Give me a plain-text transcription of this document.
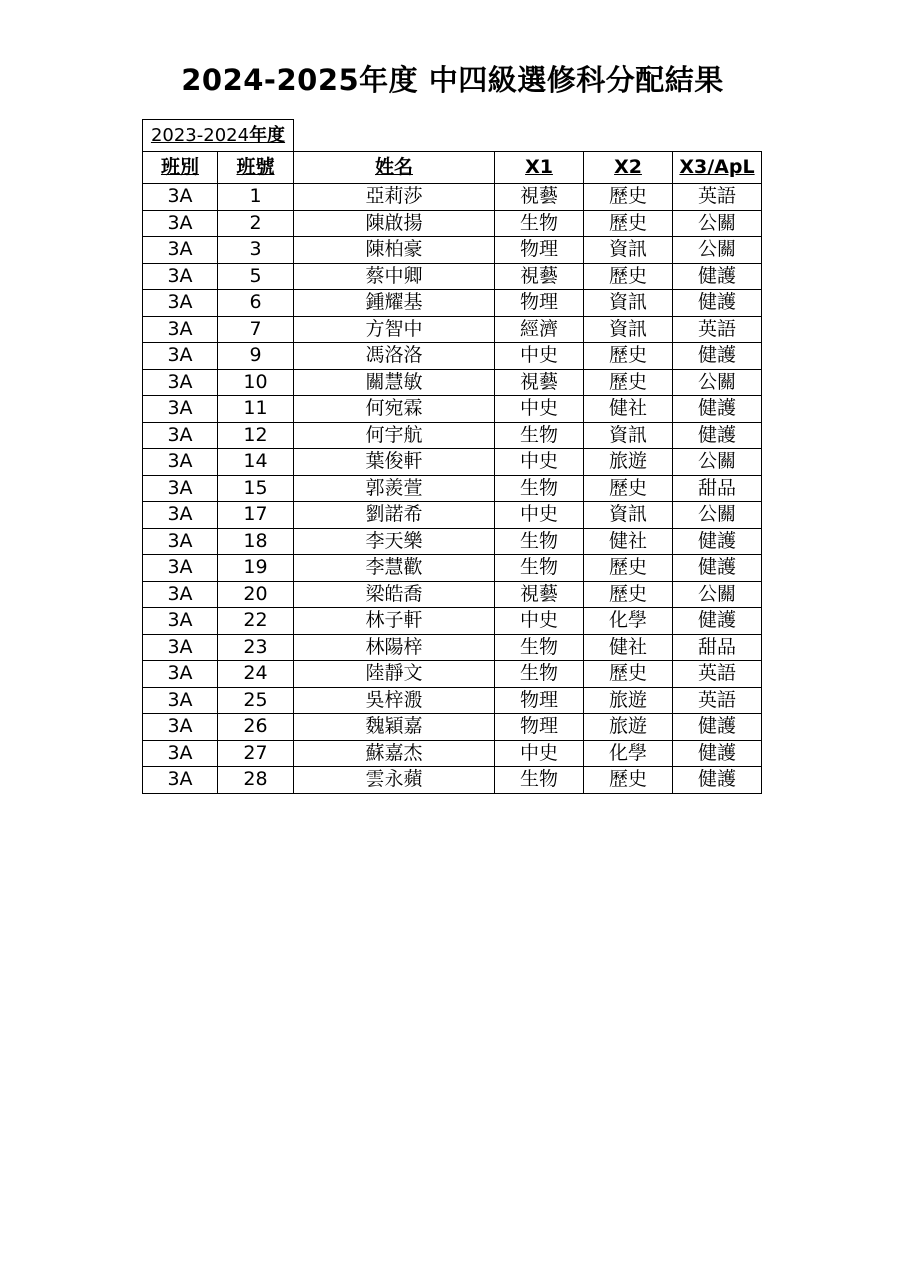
2024-2025年度 中四級選修科分配結果
2023-2024年度
班別	班號	姓名	X1	X2	X3/ApL
3A	1	亞莉莎	視藝	歷史	英語
3A	2	陳啟揚	生物	歷史	公關
3A	3	陳柏豪	物理	資訊	公關
3A	5	蔡中卿	視藝	歷史	健護
3A	6	鍾耀基	物理	資訊	健護
3A	7	方智中	經濟	資訊	英語
3A	9	馮洛洛	中史	歷史	健護
3A	10	關慧敏	視藝	歷史	公關
3A	11	何宛霖	中史	健社	健護
3A	12	何宇航	生物	資訊	健護
3A	14	葉俊軒	中史	旅遊	公關
3A	15	郭羨萱	生物	歷史	甜品
3A	17	劉諾希	中史	資訊	公關
3A	18	李天樂	生物	健社	健護
3A	19	李慧歡	生物	歷史	健護
3A	20	梁皓喬	視藝	歷史	公關
3A	22	林子軒	中史	化學	健護
3A	23	林陽梓	生物	健社	甜品
3A	24	陸靜文	生物	歷史	英語
3A	25	吳梓溵	物理	旅遊	英語
3A	26	魏穎嘉	物理	旅遊	健護
3A	27	蘇嘉杰	中史	化學	健護
3A	28	雲永蘋	生物	歷史	健護
